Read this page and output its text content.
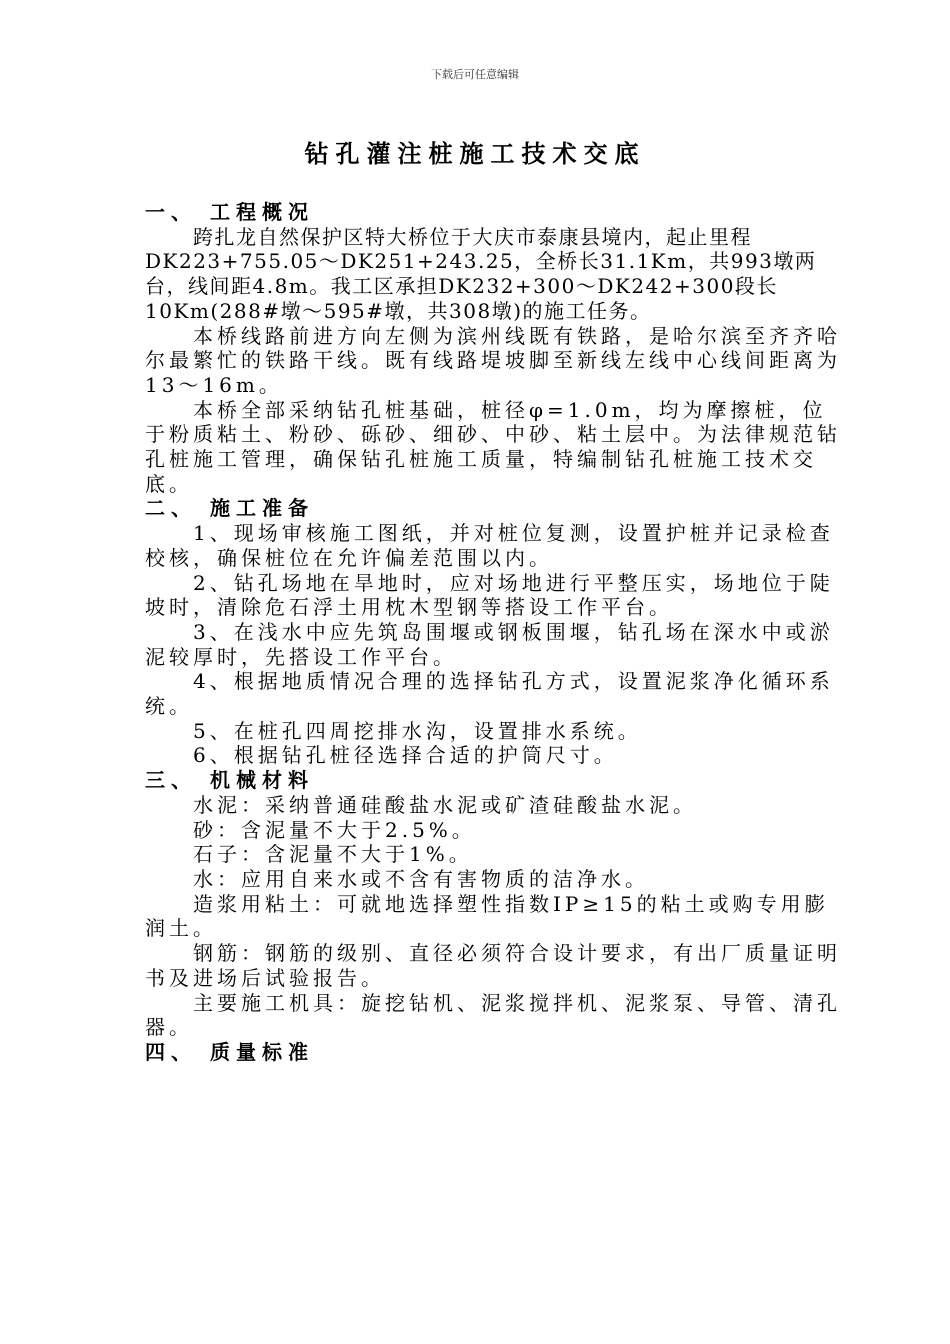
下载后可任意编辑
钻孔灌注桩施工技术交底
一、 工程概况
跨扎龙自然保护区特大桥位于大庆市泰康县境内，起止里程DK223+755.05～DK251+243.25，全桥长31.1Km，共993墩两台，线间距4.8m。我工区承担DK232+300～DK242+300段长10Km(288#墩～595#墩，共308墩)的施工任务。
本桥线路前进方向左侧为滨州线既有铁路，是哈尔滨至齐齐哈尔最繁忙的铁路干线。既有线路堤坡脚至新线左线中心线间距离为13～16m。
本桥全部采纳钻孔桩基础，桩径φ=1.0m，均为摩擦桩，位于粉质粘土、粉砂、砾砂、细砂、中砂、粘土层中。为法律规范钻孔桩施工管理，确保钻孔桩施工质量，特编制钻孔桩施工技术交底。
二、 施工准备
1、现场审核施工图纸，并对桩位复测，设置护桩并记录检查校核，确保桩位在允许偏差范围以内。
2、钻孔场地在旱地时，应对场地进行平整压实，场地位于陡坡时，清除危石浮土用枕木型钢等搭设工作平台。
3、在浅水中应先筑岛围堰或钢板围堰，钻孔场在深水中或淤泥较厚时，先搭设工作平台。
4、根据地质情况合理的选择钻孔方式，设置泥浆净化循环系统。
5、在桩孔四周挖排水沟，设置排水系统。
6、根据钻孔桩径选择合适的护筒尺寸。
三、 机械材料
水泥：采纳普通硅酸盐水泥或矿渣硅酸盐水泥。
砂：含泥量不大于2.5%。
石子：含泥量不大于1%。
水：应用自来水或不含有害物质的洁净水。
造浆用粘土：可就地选择塑性指数IP≥15的粘土或购专用膨润土。
钢筋：钢筋的级别、直径必须符合设计要求，有出厂质量证明书及进场后试验报告。
主要施工机具：旋挖钻机、泥浆搅拌机、泥浆泵、导管、清孔器。
四、 质量标准
